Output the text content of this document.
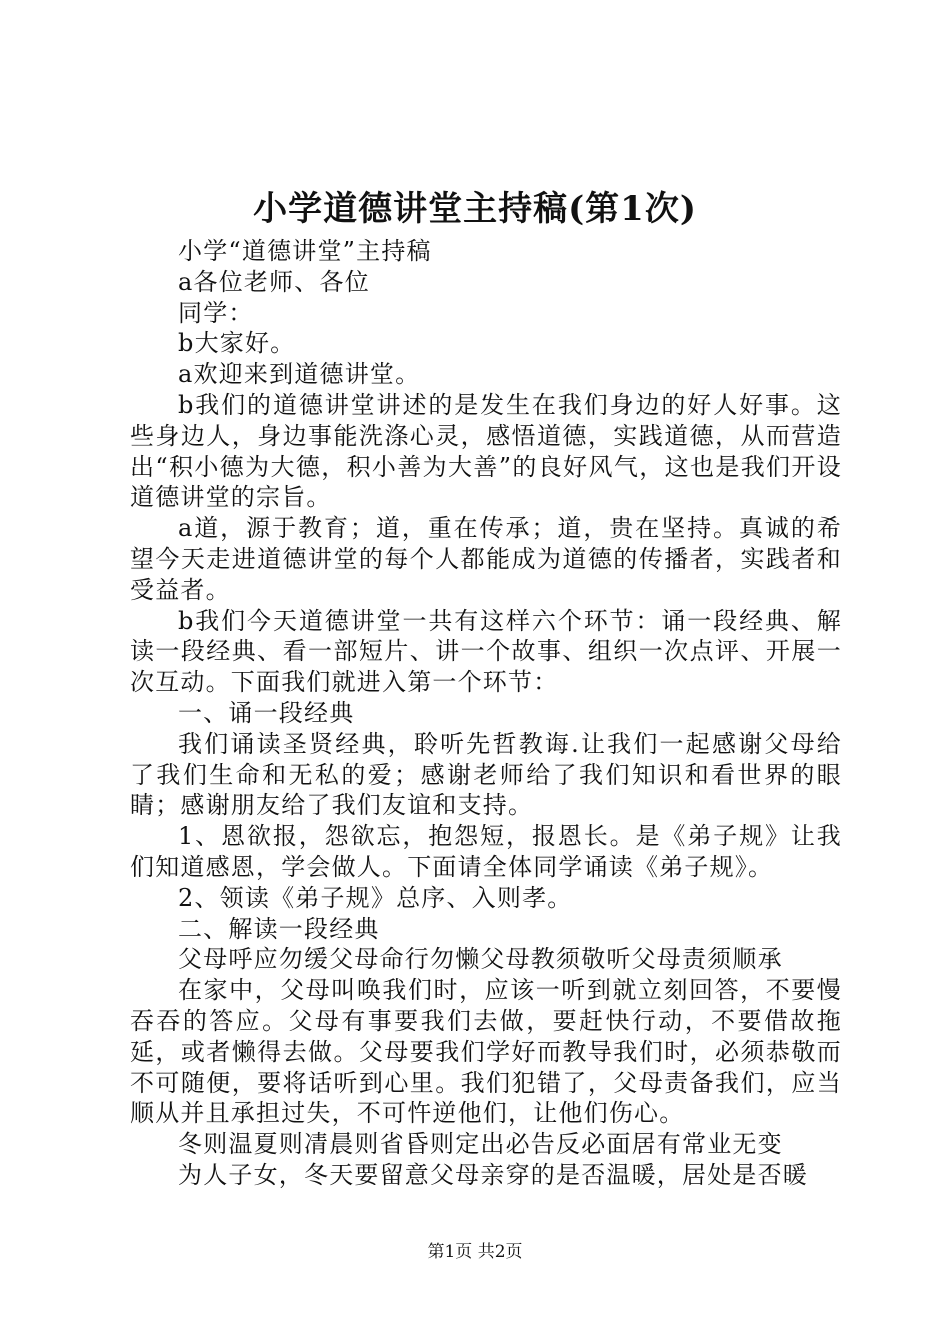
小学道德讲堂主持稿(第1次)

小学“道德讲堂”主持稿

a各位老师、各位

同学：

b大家好。

a欢迎来到道德讲堂。

b我们的道德讲堂讲述的是发生在我们身边的好人好事。这些身边人，身边事能洗涤心灵，感悟道德，实践道德，从而营造出“积小德为大德，积小善为大善”的良好风气，这也是我们开设道德讲堂的宗旨。

a道，源于教育；道，重在传承；道，贵在坚持。真诚的希望今天走进道德讲堂的每个人都能成为道德的传播者，实践者和受益者。

b我们今天道德讲堂一共有这样六个环节：诵一段经典、解读一段经典、看一部短片、讲一个故事、组织一次点评、开展一次互动。下面我们就进入第一个环节：

一、诵一段经典

我们诵读圣贤经典，聆听先哲教诲.让我们一起感谢父母给了我们生命和无私的爱；感谢老师给了我们知识和看世界的眼睛；感谢朋友给了我们友谊和支持。

1、恩欲报，怨欲忘，抱怨短，报恩长。是《弟子规》让我们知道感恩，学会做人。下面请全体同学诵读《弟子规》。

2、领读《弟子规》总序、入则孝。

二、解读一段经典

父母呼应勿缓父母命行勿懒父母教须敬听父母责须顺承

在家中，父母叫唤我们时，应该一听到就立刻回答，不要慢吞吞的答应。父母有事要我们去做，要赶快行动，不要借故拖延，或者懒得去做。父母要我们学好而教导我们时，必须恭敬而不可随便，要将话听到心里。我们犯错了，父母责备我们，应当顺从并且承担过失，不可忤逆他们，让他们伤心。

冬则温夏则凊晨则省昏则定出必告反必面居有常业无变

为人子女，冬天要留意父母亲穿的是否温暖，居处是否暖

第1页 共2页
